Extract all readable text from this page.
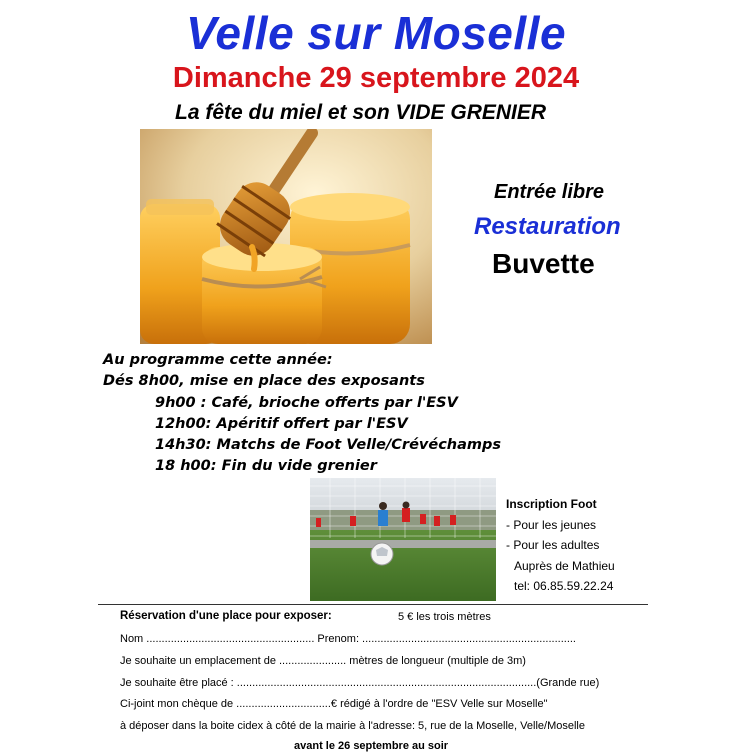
Velle sur Moselle
Dimanche 29 septembre 2024
La fête du miel et son VIDE GRENIER
Entrée libre
Restauration
Buvette
Au programme cette année:
Dés 8h00, mise en place des exposants
9h00 : Café, brioche offerts par l'ESV
12h00: Apéritif offert par l'ESV
14h30: Matchs de Foot Velle/Crévéchamps
18 h00: Fin du vide grenier
Inscription Foot
- Pour les jeunes
- Pour les adultes
Auprès de Mathieu
tel: 06.85.59.22.24
Réservation d'une place pour exposer:	5 € les trois mètres
Nom ....................................................... Prenom: ......................................................................
Je souhaite un emplacement de ...................... mètres de longueur (multiple de 3m)
Je souhaite être placé : ..................................................................................................(Grande rue)
Ci-joint mon chèque de ...............................€ rédigé à l'ordre de "ESV Velle sur Moselle"
à déposer dans la boite cidex à côté de la mairie à l'adresse: 5, rue de la Moselle, Velle/Moselle
avant le 26 septembre au soir
